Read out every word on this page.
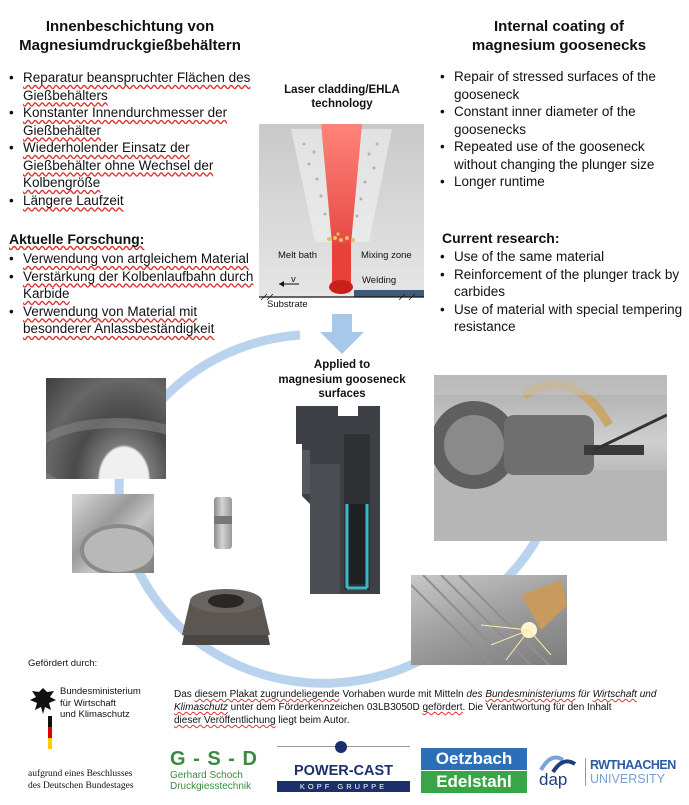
Innenbeschichtung von
Magnesiumdruckgießbehältern
• Reparatur beanspruchter Flächen des Gießbehälters
• Konstanter Innendurchmesser der Gießbehälter
• Wiederholender Einsatz der Gießbehälter ohne Wechsel der Kolbengröße
• Längere Laufzeit
Aktuelle Forschung:
• Verwendung von artgleichem Material
• Verstärkung der Kolbenlaufbahn durch Karbide
• Verwendung von Material mit besonderer Anlassbeständigkeit
Internal coating of
magnesium goosenecks
• Repair of stressed surfaces of the gooseneck
• Constant inner diameter of the goosenecks
• Repeated use of the gooseneck without changing the plunger size
• Longer runtime
Current research:
• Use of the same material
• Reinforcement of the plunger track by carbides
• Use of material with special tempering resistance
Laser cladding/EHLA
technology
Melt bath	Mixing zone
v	Welding
Substrate
Applied to
magnesium gooseneck
surfaces
Gefördert durch:
Bundesministerium
für Wirtschaft
und Klimaschutz
aufgrund eines Beschlusses
des Deutschen Bundestages
Das diesem Plakat zugrundeliegende Vorhaben wurde mit Mitteln des Bundesministeriums für Wirtschaft und Klimaschutz unter dem Förderkennzeichen 03LB3050D gefördert. Die Verantwortung für den Inhalt
dieser Veröffentlichung liegt beim Autor.
G - S - D
Gerhard Schoch
Druckgiesstechnik
POWER-CAST
KOPF GRUPPE
Oetzbach
Edelstahl	dap
RWTHAACHEN
UNIVERSITY
